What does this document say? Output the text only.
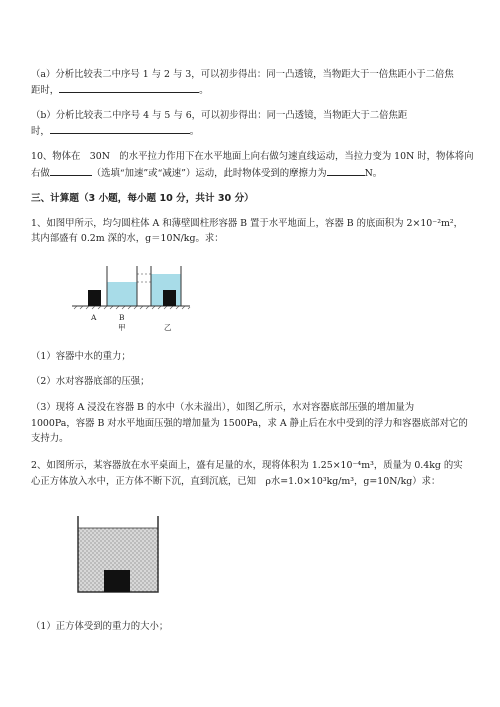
（a）分析比较表二中序号 1 与 2 与 3，可以初步得出：同一凸透镜，当物距大于一倍焦距小于二倍焦
距时，	。
（b）分析比较表二中序号 4 与 5 与 6，可以初步得出：同一凸透镜，当物距大于二倍焦距
时，	。
10、物体在　30N　的水平拉力作用下在水平地面上向右做匀速直线运动，当拉力变为 10N 时，物体将向
右做	（选填“加速”或“减速”）运动，此时物体受到的摩擦力为	N。
三、计算题（3 小题，每小题 10 分，共计 30 分）
1、如图甲所示，均匀圆柱体 A 和薄壁圆柱形容器 B 置于水平地面上，容器 B 的底面积为 2×10⁻²m²，
其内部盛有 0.2m 深的水，g＝10N/kg。求：
A	B
甲	乙
（1）容器中水的重力；
（2）水对容器底部的压强；
（3）现将 A 浸没在容器 B 的水中（水未溢出），如图乙所示，水对容器底部压强的增加量为
1000Pa，容器 B 对水平地面压强的增加量为 1500Pa，求 A 静止后在水中受到的浮力和容器底部对它的
支持力。
2、如图所示，某容器放在水平桌面上，盛有足量的水，现将体积为 1.25×10⁻⁴m³，质量为 0.4kg 的实
心正方体放入水中，正方体不断下沉，直到沉底，已知　ρ水=1.0×10³kg/m³，g=10N/kg）求：
（1）正方体受到的重力的大小；
